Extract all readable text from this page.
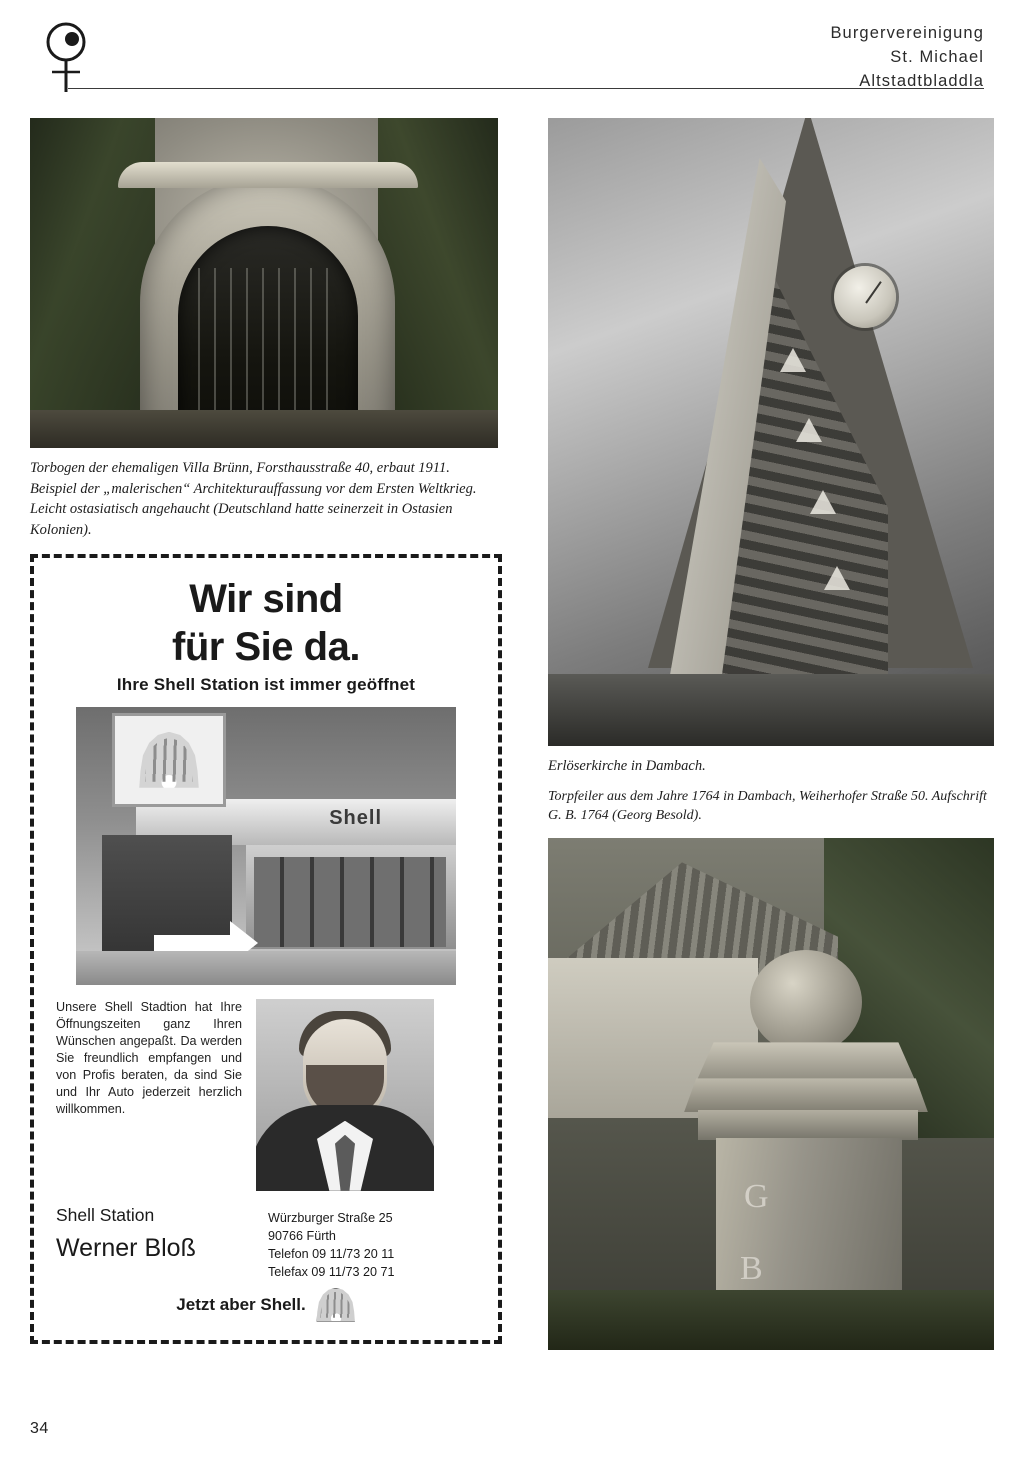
Burgervereinigung
St. Michael
Altstadtbladdla
Torbogen der ehemaligen Villa Brünn, Forsthausstraße 40, erbaut 1911. Beispiel der „malerischen“ Architekturauffassung vor dem Ersten Weltkrieg. Leicht ostasiatisch angehaucht (Deutschland hatte seinerzeit in Ostasien Kolonien).
Wir sind
für Sie da.
Ihre Shell Station ist immer geöffnet
Shell
Unsere Shell Stadtion hat Ihre Öffnungszeiten ganz Ihren Wünschen angepaßt. Da werden Sie freundlich empfangen und von Profis beraten, da sind Sie und Ihr Auto jederzeit herzlich willkommen.
Shell Station
Werner Bloß
Würzburger Straße 25
90766 Fürth
Telefon 09 11/73 20 11
Telefax 09 11/73 20 71
Jetzt aber Shell.
Erlöserkirche in Dambach.
Torpfeiler aus dem Jahre 1764 in Dambach, Weiherhofer Straße 50. Aufschrift G. B. 1764 (Georg Besold).
G
B
34
